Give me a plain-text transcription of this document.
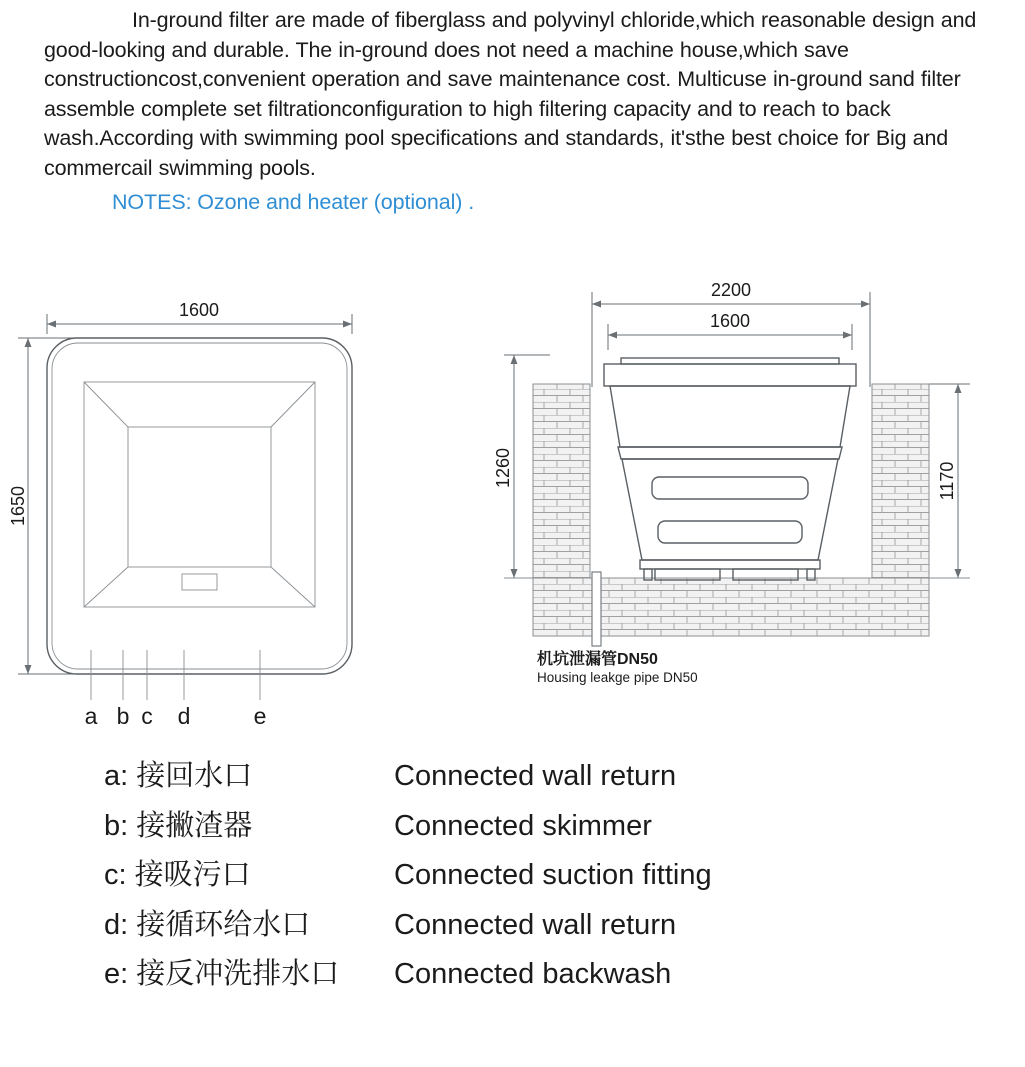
In-ground filter are made of fiberglass and polyvinyl chloride,which reasonable design and good-looking and durable. The in-ground does not need a machine house,which save constructioncost,convenient operation and save maintenance cost. Multicuse in-ground sand filter assemble complete set filtrationconfiguration to high filtering capacity and to reach to back wash.According with swimming pool specifications and standards, it'sthe best choice for Big and commercail swimming pools.

NOTES: Ozone and heater (optional) .

1600
1650
a b c d	e
2200
1600
1260	1170
机坑泄漏管DN50
Housing leakge pipe DN50
a: 接回水口	Connected wall return
b: 接撇渣器	Connected skimmer
c: 接吸污口	Connected suction fitting
d: 接循环给水口	Connected wall return
e: 接反冲洗排水口	Connected backwash
